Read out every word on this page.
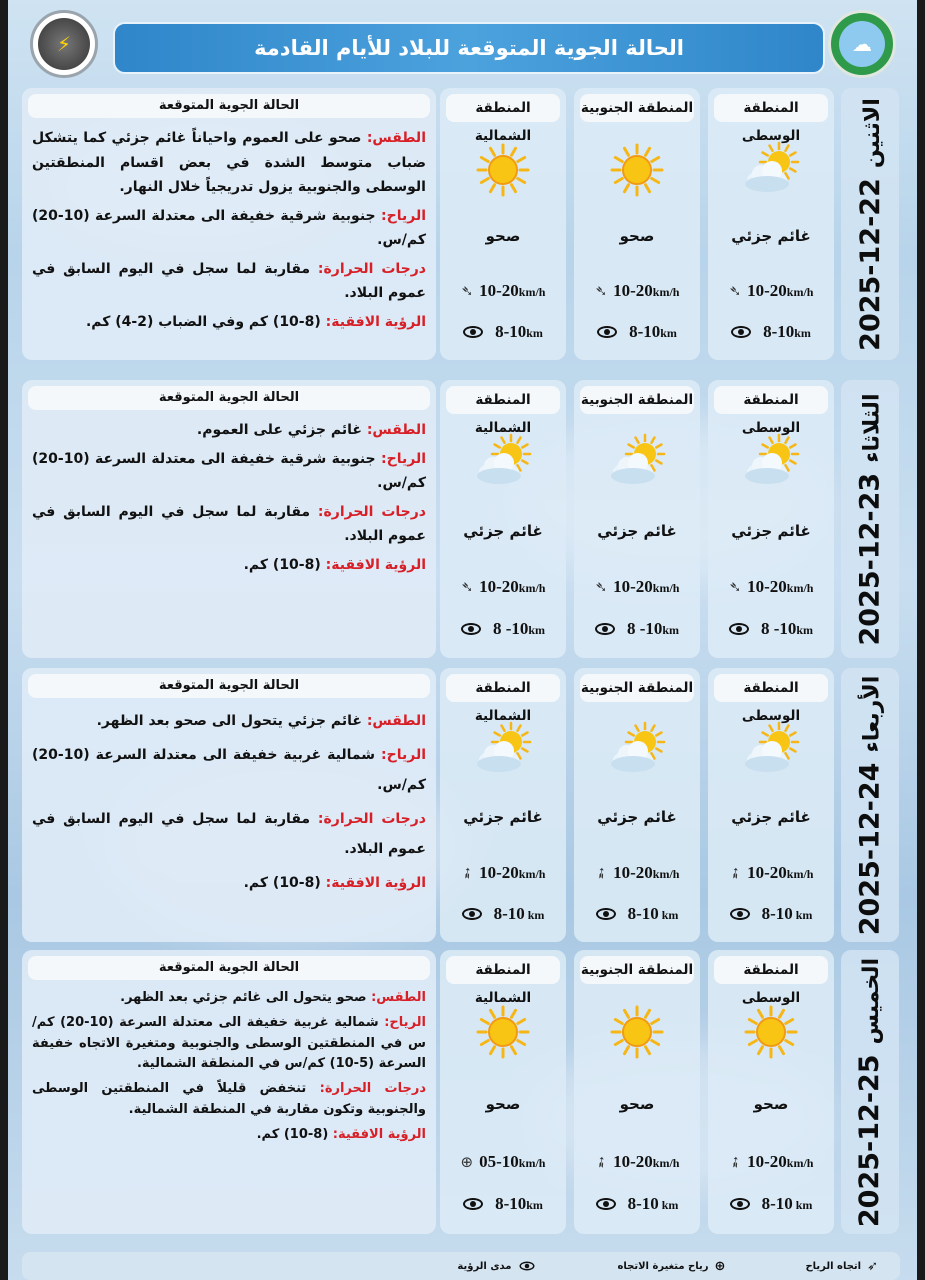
⚡	☁
الحالة الجوية المتوقعة للبلاد للأيام القادمة
الاثنين
2025-12-22
المنطقة الوسطى
غائم جزئي
➶ 10-20km/h
8-10km
المنطقة الجنوبية
صحو
➶ 10-20km/h
8-10km
المنطقة الشمالية
صحو
➶ 10-20km/h
8-10km
الحالة الجوية المتوقعة

الطقس: صحو على العموم واحياناً غائم جزئي كما يتشكل ضباب متوسط الشدة في بعض اقسام المنطقتين الوسطى والجنوبية يزول تدريجياً خلال النهار.

الرياح: جنوبية شرقية خفيفة الى معتدلة السرعة (10-20) كم/س.

درجات الحرارة: مقاربة لما سجل في اليوم السابق في عموم البلاد.

الرؤية الافقية: (8-10) كم وفي الضباب (2-4) كم.

الثلاثاء
2025-12-23
المنطقة الوسطى
غائم جزئي
➶ 10-20km/h
8 -10km
المنطقة الجنوبية
غائم جزئي
➶ 10-20km/h
8 -10km
المنطقة الشمالية
غائم جزئي
➶ 10-20km/h
8 -10km
الحالة الجوية المتوقعة

الطقس: غائم جزئي على العموم.

الرياح: جنوبية شرقية خفيفة الى معتدلة السرعة (10-20) كم/س.

درجات الحرارة: مقاربة لما سجل في اليوم السابق في عموم البلاد.

الرؤية الافقية: (8-10) كم.

الأربعاء
2025-12-24
المنطقة الوسطى
غائم جزئي
➶ 10-20km/h
8-10 km
المنطقة الجنوبية
غائم جزئي
➶ 10-20km/h
8-10 km
المنطقة الشمالية
غائم جزئي
➶ 10-20km/h
8-10 km
الحالة الجوية المتوقعة

الطقس: غائم جزئي يتحول الى صحو بعد الظهر.

الرياح: شمالية غربية خفيفة الى معتدلة السرعة (10-20) كم/س.

درجات الحرارة: مقاربة لما سجل في اليوم السابق في عموم البلاد.

الرؤية الافقية: (8-10) كم.

الخميس
2025-12-25
المنطقة الوسطى
صحو
➶ 10-20km/h
8-10 km
المنطقة الجنوبية
صحو
➶ 10-20km/h
8-10 km
المنطقة الشمالية
صحو
⊕ 05-10km/h
8-10km
الحالة الجوية المتوقعة

الطقس: صحو يتحول الى غائم جزئي بعد الظهر.

الرياح: شمالية غربية خفيفة الى معتدلة السرعة (10-20) كم/س في المنطقتين الوسطى والجنوبية ومتغيرة الاتجاه خفيفة السرعة (5-10) كم/س في المنطقة الشمالية.

درجات الحرارة: تنخفض قليلاً في المنطقتين الوسطى والجنوبية وتكون مقاربة في المنطقة الشمالية.

الرؤية الافقية: (8-10) كم.

➶
اتجاه الرياح
⊕
رياح متغيرة الاتجاه
مدى الرؤية
